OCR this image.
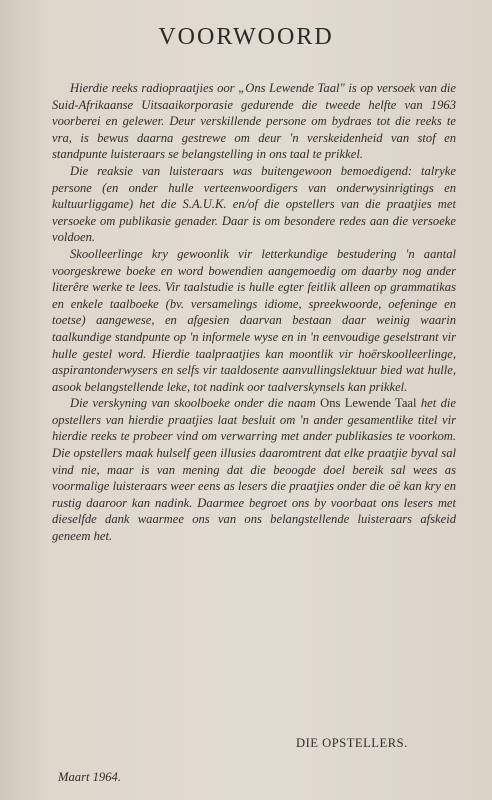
VOORWOORD

Hierdie reeks radiopraatjies oor „Ons Lewende Taal" is op versoek van die Suid-Afrikaanse Uitsaaikorporasie gedurende die tweede helfte van 1963 voorberei en gelewer. Deur verskillende persone om bydraes tot die reeks te vra, is bewus daarna gestrewe om deur 'n verskeidenheid van stof en standpunte luisteraars se belangstelling in ons taal te prikkel.

Die reaksie van luisteraars was buitengewoon bemoedigend: talryke persone (en onder hulle verteenwoordigers van onderwysinrigtings en kultuurliggame) het die S.A.U.K. en/of die opstellers van die praatjies met versoeke om publikasie genader. Daar is om besondere redes aan die versoeke voldoen.

Skoolleerlinge kry gewoonlik vir letterkundige bestudering 'n aantal voorgeskrewe boeke en word bowendien aangemoedig om daarby nog ander literêre werke te lees. Vir taalstudie is hulle egter feitlik alleen op grammatikas en enkele taalboeke (bv. versamelings idiome, spreekwoorde, oefeninge en toetse) aangewese, en afgesien daarvan bestaan daar weinig waarin taalkundige standpunte op 'n informele wyse en in 'n eenvoudige geselstrant vir hulle gestel word. Hierdie taalpraatjies kan moontlik vir hoërskoolleerlinge, aspirantonderwysers en selfs vir taaldosente aanvullingslektuur bied wat hulle, asook belangstellende leke, tot nadink oor taalverskynsels kan prikkel.

Die verskyning van skoolboeke onder die naam Ons Lewende Taal het die opstellers van hierdie praatjies laat besluit om 'n ander gesamentlike titel vir hierdie reeks te probeer vind om verwarring met ander publikasies te voorkom. Die opstellers maak hulself geen illusies daaromtrent dat elke praatjie byval sal vind nie, maar is van mening dat die beoogde doel bereik sal wees as voormalige luisteraars weer eens as lesers die praatjies onder die oë kan kry en rustig daaroor kan nadink. Daarmee begroet ons by voorbaat ons lesers met dieselfde dank waarmee ons van ons belangstellende luisteraars afskeid geneem het.

DIE OPSTELLERS.
Maart 1964.
